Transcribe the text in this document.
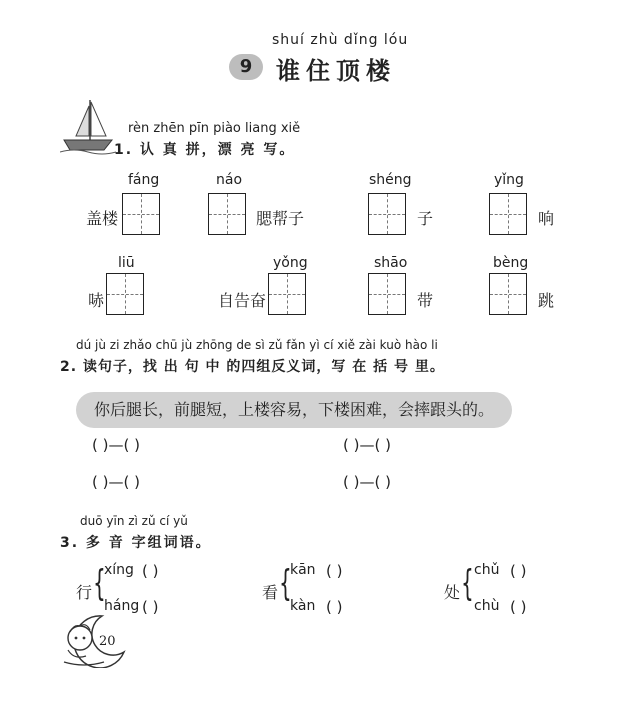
shuí zhù dǐng lóu
9 谁住顶楼
rèn zhēn pīn piào liang xiě
1. 认 真 拼，漂 亮 写。
fáng
盖楼
náo
腮帮子
shéng
子
yǐng
响
liū
哧
yǒng
自告奋
shāo
带
bèng
跳
dú jù zi zhǎo chū jù zhōng de sì zǔ fǎn yì cí xiě zài kuò hào li
2. 读句子，找 出 句 中 的四组反义词，写 在 括 号 里。
你后腿长，前腿短，上楼容易，下楼困难，会摔跟头的。
( )—( )	( )—( )
( )—( )	( )—( )
duō yīn zì zǔ cí yǔ
3. 多 音 字组词语。
行 {
xíng ( )
háng ( )
看 {
kān ( )
kàn ( )
处 { chǔ ( )
chù ( )
20
